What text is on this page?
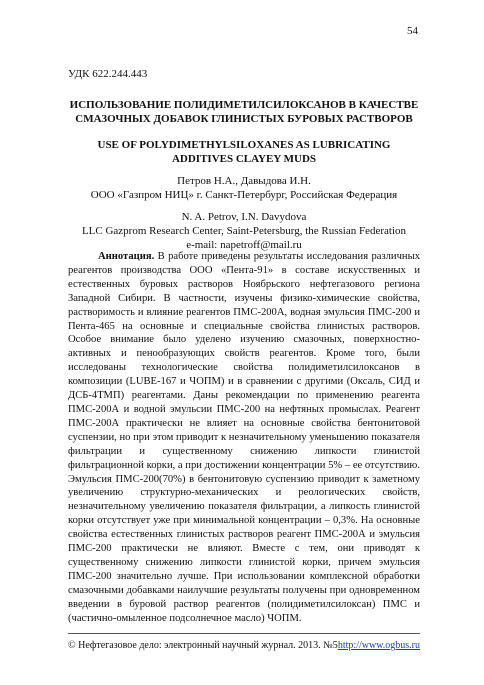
54
УДК 622.244.443
ИСПОЛЬЗОВАНИЕ ПОЛИДИМЕТИЛСИЛОКСАНОВ В КАЧЕСТВЕ СМАЗОЧНЫХ ДОБАВОК ГЛИНИСТЫХ БУРОВЫХ РАСТВОРОВ
USE OF POLYDIMETHYLSILOXANES AS LUBRICATING ADDITIVES CLAYEY MUDS
Петров Н.А., Давыдова И.Н.
ООО «Газпром НИЦ» г. Санкт-Петербург, Российская Федерация
N. A. Petrov, I.N. Davydova
LLC Gazprom Research Center, Saint-Petersburg, the Russian Federation
e-mail: napetroff@mail.ru
Аннотация. В работе приведены результаты исследования различных реагентов производства ООО «Пента-91» в составе искусственных и естественных буровых растворов Ноябрьского нефтегазового региона Западной Сибири. В частности, изучены физико-химические свойства, растворимость и влияние реагентов ПМС-200А, водная эмульсия ПМС-200 и Пента-465 на основные и специальные свойства глинистых растворов. Особое внимание было уделено изучению смазочных, поверхностно-активных и пенообразующих свойств реагентов. Кроме того, были исследованы технологические свойства полидиметилсилоксанов в композиции (LUBE-167 и ЧОПМ) и в сравнении с другими (Оксаль, СИД и ДСБ-4ТМП) реагентами. Даны рекомендации по применению реагента ПМС-200А и водной эмульсии ПМС-200 на нефтяных промыслах. Реагент ПМС-200А практически не влияет на основные свойства бентонитовой суспензии, но при этом приводит к незначительному уменьшению показателя фильтрации и существенному снижению липкости глинистой фильтрационной корки, а при достижении концентрации 5% – ее отсутствию. Эмульсия ПМС-200(70%) в бентонитовую суспензию приводит к заметному увеличению структурно-механических и реологических свойств, незначительному увеличению показателя фильтрации, а липкость глинистой корки отсутствует уже при минимальной концентрации – 0,3%. На основные свойства естественных глинистых растворов реагент ПМС-200А и эмульсия ПМС-200 практически не влияют. Вместе с тем, они приводят к существенному снижению липкости глинистой корки, причем эмульсия ПМС-200 значительно лучше. При использовании комплексной обработки смазочными добавками наилучшие результаты получены при одновременном введении в буровой раствор реагентов (полидиметилсилоксан) ПМС и (частично-омыленное подсолнечное масло) ЧОПМ.
© Нефтегазовое дело: электронный научный журнал. 2013. №5 http://www.ogbus.ru
